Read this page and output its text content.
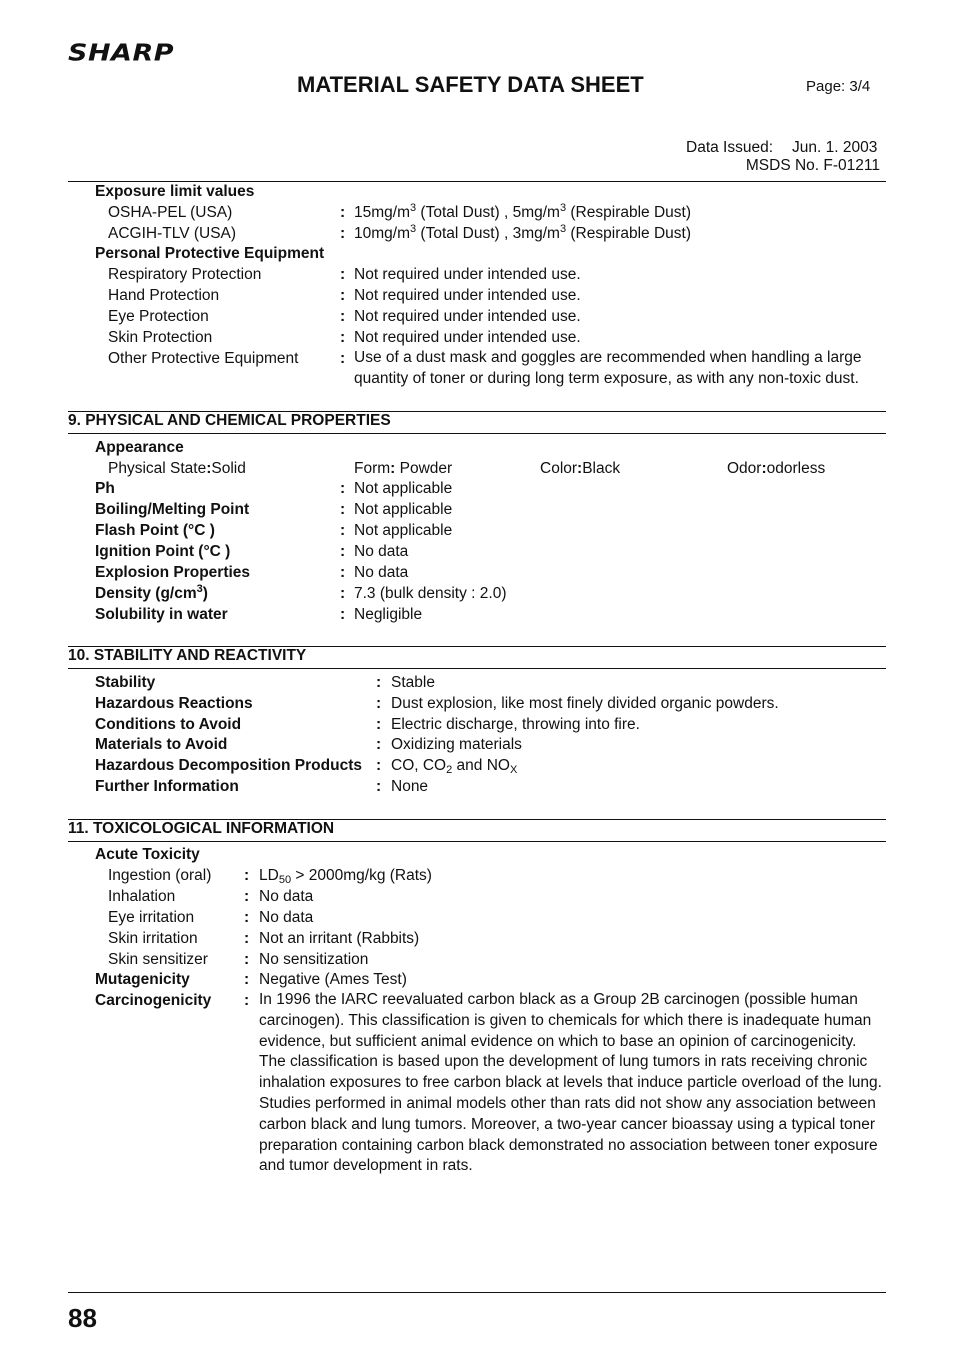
SHARP
MATERIAL SAFETY DATA SHEET	Page: 3/4
Data Issued: Jun. 1. 2003
MSDS No. F-01211
Exposure limit values
OSHA-PEL (USA)	: $15mg/m^3$ (Total Dust) , $5mg/m^3$ (Respirable Dust)
ACGIH-TLV (USA)	: $10mg/m^3$ (Total Dust) , $3mg/m^3$ (Respirable Dust)
Personal Protective Equipment
Respiratory Protection	: Not required under intended use.
Hand Protection	: Not required under intended use.
Eye Protection	: Not required under intended use.
Skin Protection	: Not required under intended use.
Other Protective Equipment	: Use of a dust mask and goggles are recommended when handling a large quantity of toner or during long term exposure, as with any non-toxic dust.
9. PHYSICAL AND CHEMICAL PROPERTIES
Appearance
Physical State:Solid	Form: Powder	Color:Black	Odor:odorless
Ph	: Not applicable
Boiling/Melting Point	: Not applicable
Flash Point (°C )	: Not applicable
Ignition Point (°C )	: No data
Explosion Properties	: No data
Density $(g/cm^3)$	: 7.3 (bulk density : 2.0)
Solubility in water	: Negligible
10. STABILITY AND REACTIVITY
Stability	: Stable
Hazardous Reactions	: Dust explosion, like most finely divided organic powders.
Conditions to Avoid	: Electric discharge, throwing into fire.
Materials to Avoid	: Oxidizing materials
Hazardous Decomposition Products : CO, $CO_2$ and $NO_X$
Further Information	: None
11. TOXICOLOGICAL INFORMATION
Acute Toxicity
Ingestion (oral) : $LD_{50} > 2000mg/kg$ (Rats)
Inhalation	: No data
Eye irritation	: No data
Skin irritation	: Not an irritant (Rabbits)
Skin sensitizer : No sensitization
Mutagenicity	: Negative (Ames Test)
Carcinogenicity : In 1996 the IARC reevaluated carbon black as a Group 2B carcinogen (possible human carcinogen). This classification is given to chemicals for which there is inadequate human evidence, but sufficient animal evidence on which to base an opinion of carcinogenicity. The classification is based upon the development of lung tumors in rats receiving chronic inhalation exposures to free carbon black at levels that induce particle overload of the lung. Studies performed in animal models other than rats did not show any association between carbon black and lung tumors. Moreover, a two-year cancer bioassay using a typical toner preparation containing carbon black demonstrated no association between toner exposure and tumor development in rats.
88
